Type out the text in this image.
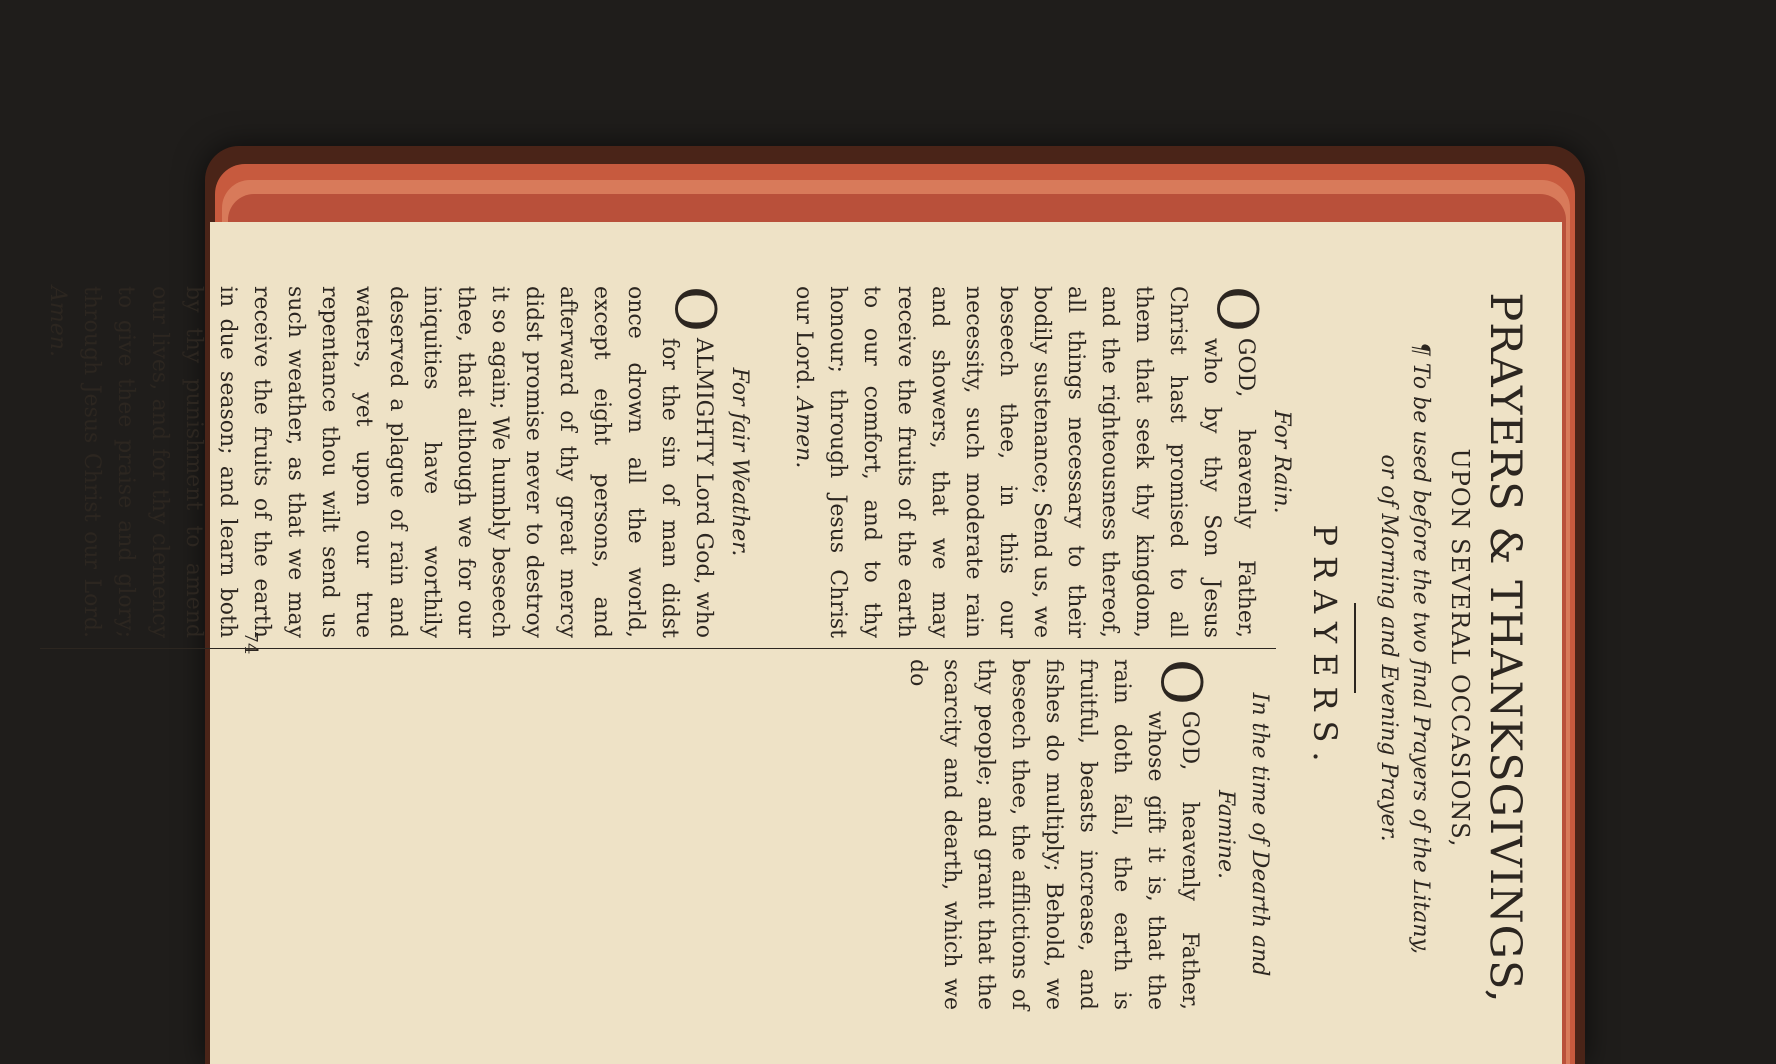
PRAYERS & THANKSGIVINGS,
UPON SEVERAL OCCASIONS,
¶ To be used before the two final Prayers of the Litany,
or of Morning and Evening Prayer.
PRAYERS.
For Rain.
O
GOD, heavenly Father, who by thy Son Jesus Christ hast promised to all them that seek thy kingdom, and the righteousness thereof, all things necessary to their bodily sustenance; Send us, we beseech thee, in this our necessity, such moderate rain and showers, that we may receive the fruits of the earth to our comfort, and to thy honour; through Jesus Christ our Lord. Amen.
For fair Weather.
O
ALMIGHTY Lord God, who for the sin of man didst once drown all the world, except eight persons, and afterward of thy great mercy didst promise never to destroy it so again; We humbly beseech thee, that although we for our iniquities have worthily deserved a plague of rain and waters, yet upon our true repentance thou wilt send us such weather, as that we may receive the fruits of the earth in due season; and learn both by thy punishment to amend our lives, and for thy clemency to give thee praise and glory; through Jesus Christ our Lord. Amen.
In the time of Dearth and Famine.
O
GOD, heavenly Father, whose gift it is, that the rain doth fall, the earth is fruitful, beasts increase, and fishes do multiply; Behold, we beseech thee, the afflictions of thy people; and grant that the scarcity and dearth, which we do
74
